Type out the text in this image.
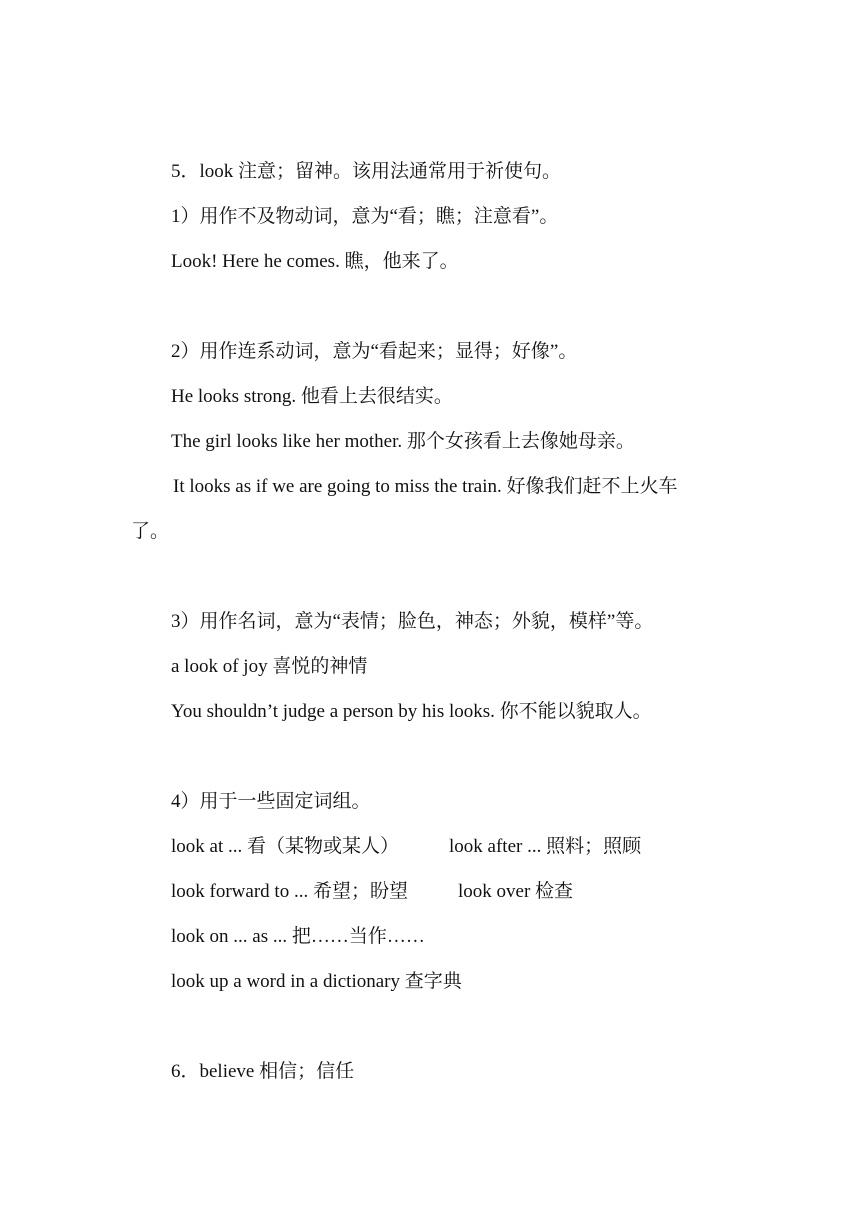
5．look 注意；留神。该用法通常用于祈使句。
1）用作不及物动词，意为“看；瞧；注意看”。
Look! Here he comes. 瞧，他来了。
2）用作连系动词，意为“看起来；显得；好像”。
He looks strong. 他看上去很结实。
The girl looks like her mother. 那个女孩看上去像她母亲。
It looks as if we are going to miss the train. 好像我们赶不上火车
了。
3）用作名词，意为“表情；脸色，神态；外貌，模样”等。
a look of joy 喜悦的神情
You shouldn’t judge a person by his looks. 你不能以貌取人。
4）用于一些固定词组。
look at ... 看（某物或某人）	look after ... 照料；照顾
look forward to ... 希望；盼望	look over 检查
look on ... as ... 把……当作……
look up a word in a dictionary 查字典
6．believe 相信；信任
